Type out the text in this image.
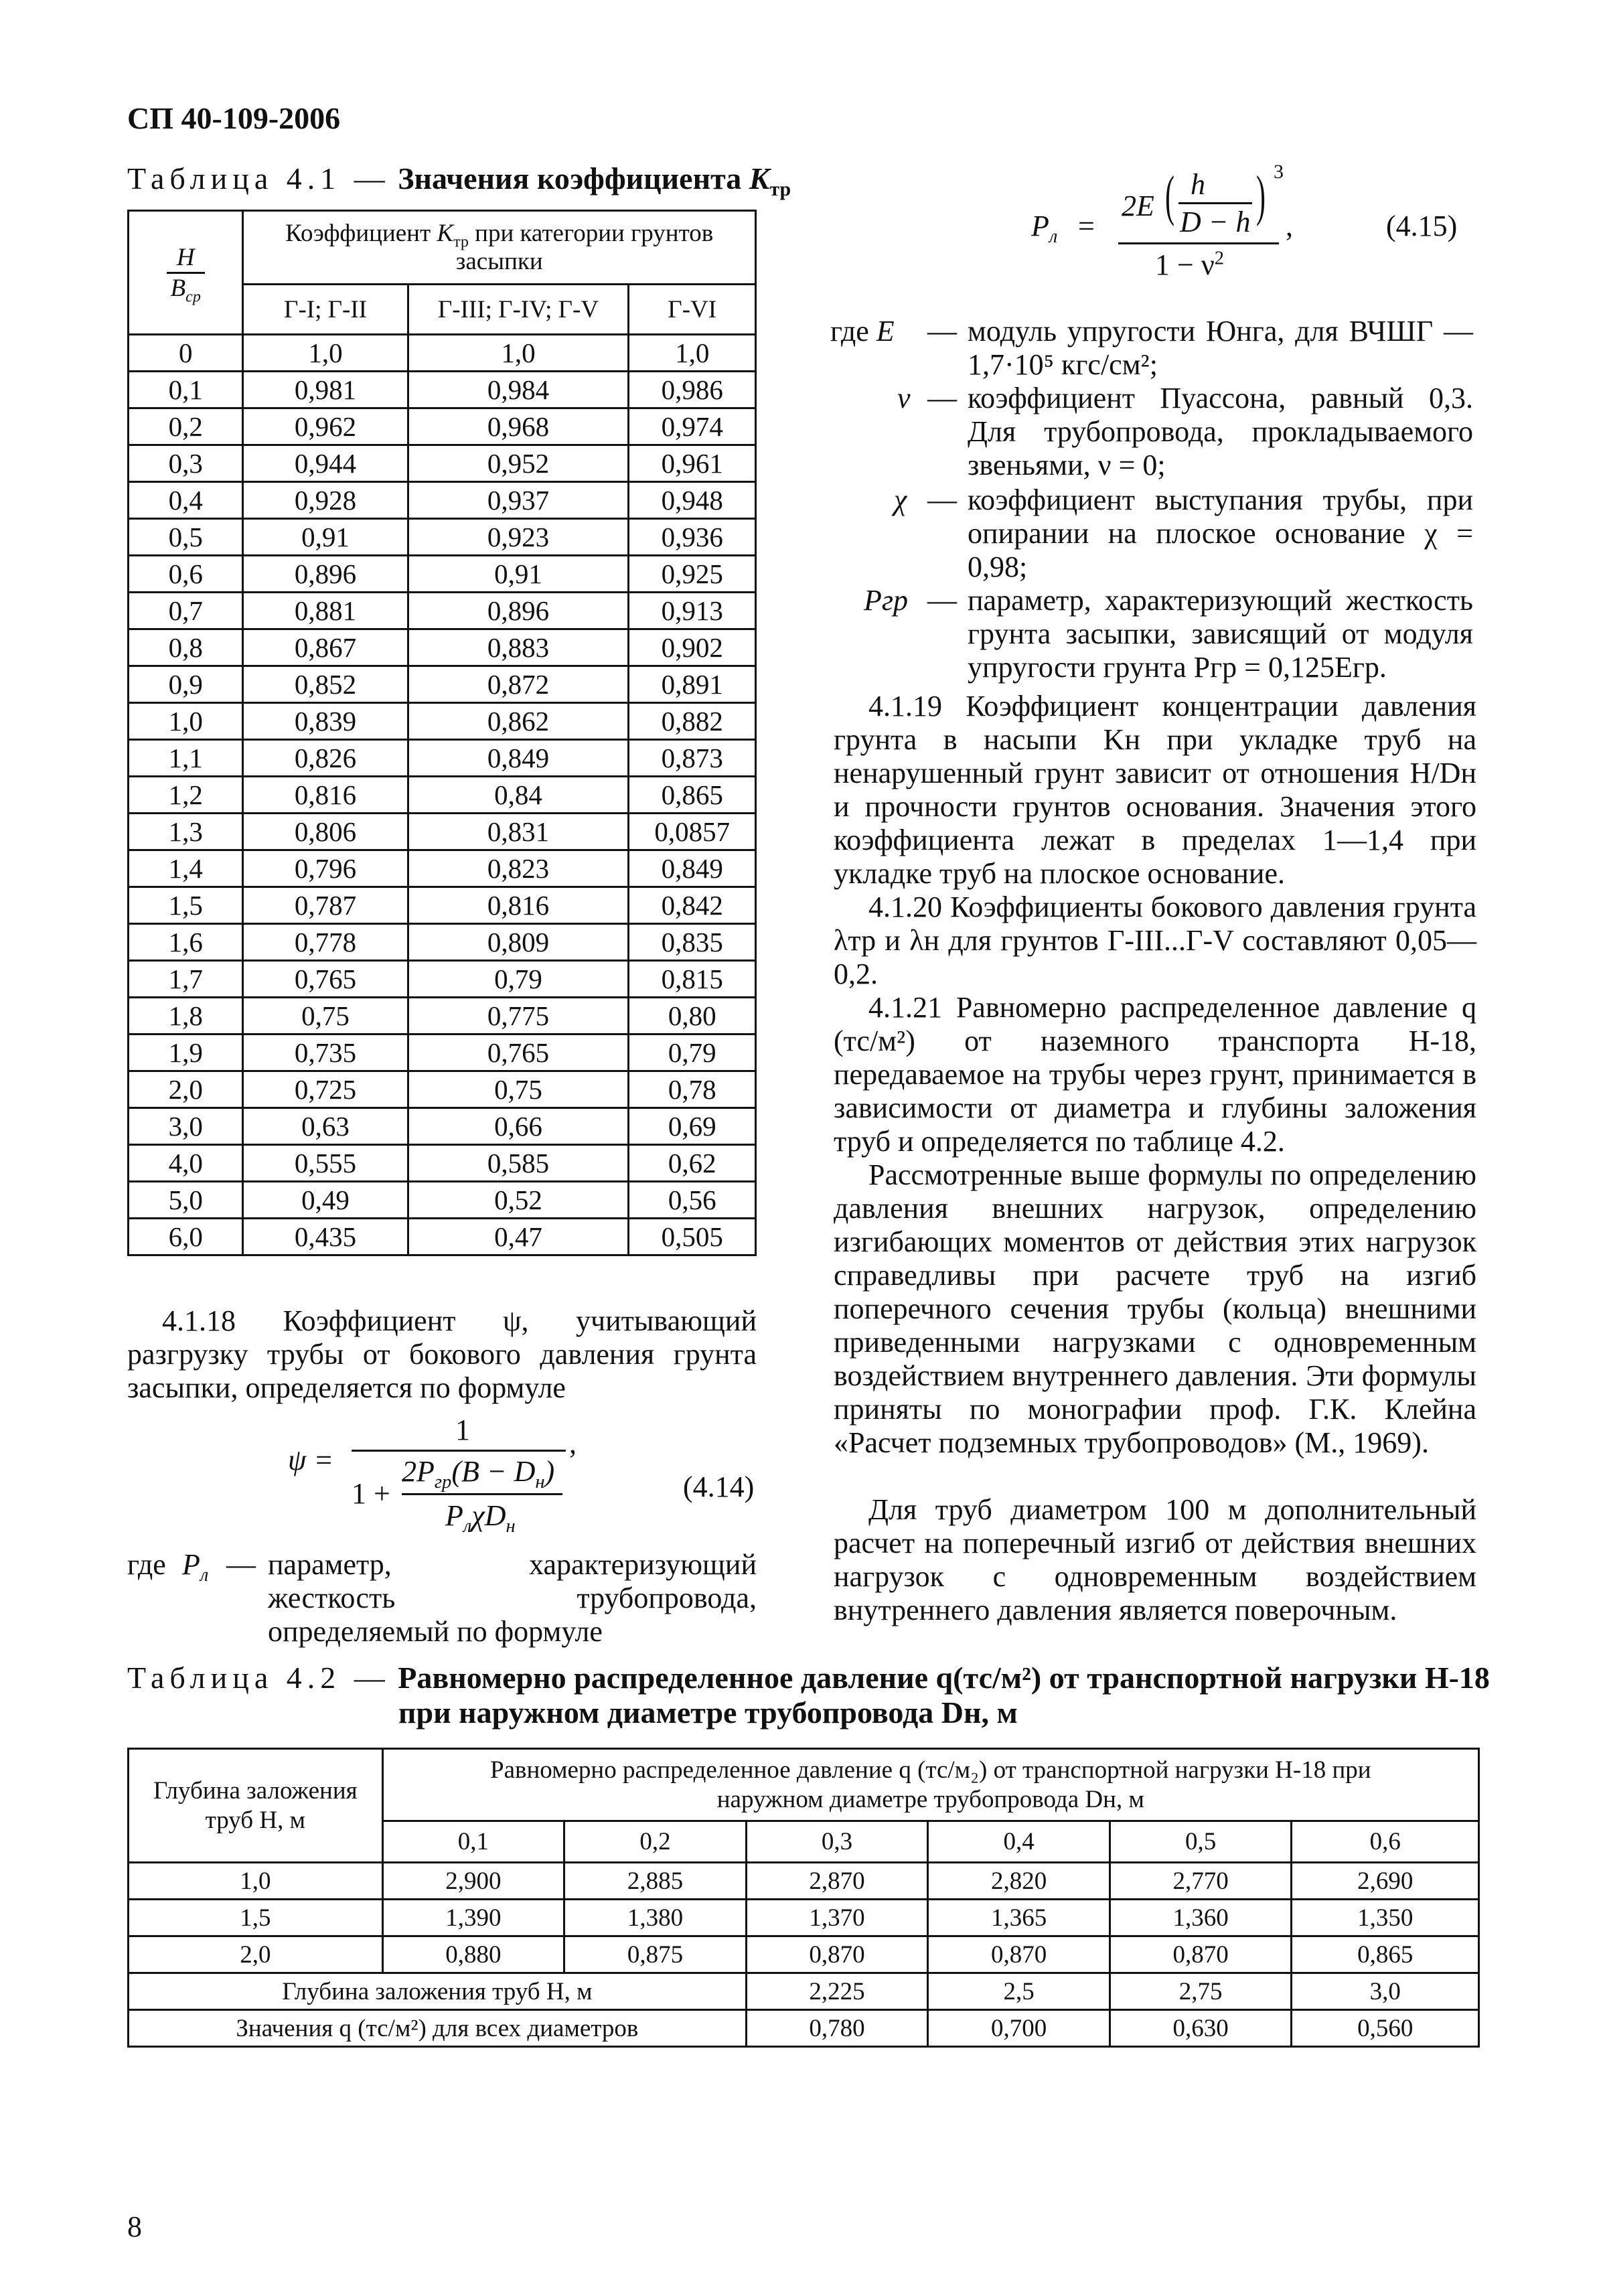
СП 40-109-2006
Таблица 4.1 — Значения коэффициента $K_{тр}$
$\frac{H}{B_{ср}}$	Коэффициент $K_{тр}$ при категории грунтов засыпки		
	Г-I; Г-II	Г-III; Г-IV; Г-V	Г-VI
0	1,0	1,0	1,0
0,1	0,981	0,984	0,986
0,2	0,962	0,968	0,974
0,3	0,944	0,952	0,961
0,4	0,928	0,937	0,948
0,5	0,91	0,923	0,936
0,6	0,896	0,91	0,925
0,7	0,881	0,896	0,913
0,8	0,867	0,883	0,902
0,9	0,852	0,872	0,891
1,0	0,839	0,862	0,882
1,1	0,826	0,849	0,873
1,2	0,816	0,84	0,865
1,3	0,806	0,831	0,0857
1,4	0,796	0,823	0,849
1,5	0,787	0,816	0,842
1,6	0,778	0,809	0,835
1,7	0,765	0,79	0,815
1,8	0,75	0,775	0,80
1,9	0,735	0,765	0,79
2,0	0,725	0,75	0,78
3,0	0,63	0,66	0,69
4,0	0,555	0,585	0,62
5,0	0,49	0,52	0,56
6,0	0,435	0,47	0,505
4.1.18 Коэффициент ψ, учитывающий разгрузку трубы от бокового давления грунта засыпки, определяется по формуле
ψ =
1
1 +
$2P_{гр}(B - D_н)$
$P_л\chi D_н$
,
(4.14)
где $P_л$ — параметр, характеризующий жесткость трубопровода, определяемый по формуле
$P_л$ =
2E ( h
D − h ) 3
$1 - \nu^2$
,	(4.15)
где E — модуль упругости Юнга, для ВЧШГ — 1,7·10⁵ кгс/см²;
ν — коэффициент Пуассона, равный 0,3. Для трубопровода, прокладываемого звеньями, ν = 0;
χ — коэффициент выступания трубы, при опирании на плоское основание χ = 0,98;
Pгр — параметр, характеризующий жесткость грунта засыпки, зависящий от модуля упругости грунта Pгр = 0,125Eгр.
4.1.19 Коэффициент концентрации давления грунта в насыпи Kн при укладке труб на ненарушенный грунт зависит от отношения H/Dн и прочности грунтов основания. Значения этого коэффициента лежат в пределах 1—1,4 при укладке труб на плоское основание.
4.1.20 Коэффициенты бокового давления грунта λтр и λн для грунтов Г-III...Г-V составляют 0,05—0,2.
4.1.21 Равномерно распределенное давление q (тс/м²) от наземного транспорта Н-18, передаваемое на трубы через грунт, принимается в зависимости от диаметра и глубины заложения труб и определяется по таблице 4.2.
Рассмотренные выше формулы по определению давления внешних нагрузок, определению изгибающих моментов от действия этих нагрузок справедливы при расчете труб на изгиб поперечного сечения трубы (кольца) внешними приведенными нагрузками с одновременным воздействием внутреннего давления. Эти формулы приняты по монографии проф. Г.К. Клейна «Расчет подземных трубопроводов» (М., 1969).
Для труб диаметром 100 м дополнительный расчет на поперечный изгиб от действия внешних нагрузок с одновременным воздействием внутреннего давления является поверочным.
Таблица 4.2 — Равномерно распределенное давление q(тс/м²) от транспортной нагрузки Н-18
при наружном диаметре трубопровода Dн, м
Глубина заложения труб H, м	Равномерно распределенное давление q (тс/м₂) от транспортной нагрузки Н-18 при наружном диаметре трубопровода Dн, м					
	0,1	0,2	0,3	0,4	0,5	0,6
1,0	2,900	2,885	2,870	2,820	2,770	2,690
1,5	1,390	1,380	1,370	1,365	1,360	1,350
2,0	0,880	0,875	0,870	0,870	0,870	0,865
Глубина заложения труб H, м			2,225	2,5	2,75	3,0
Значения q (тс/м²) для всех диаметров			0,780	0,700	0,630	0,560
8
